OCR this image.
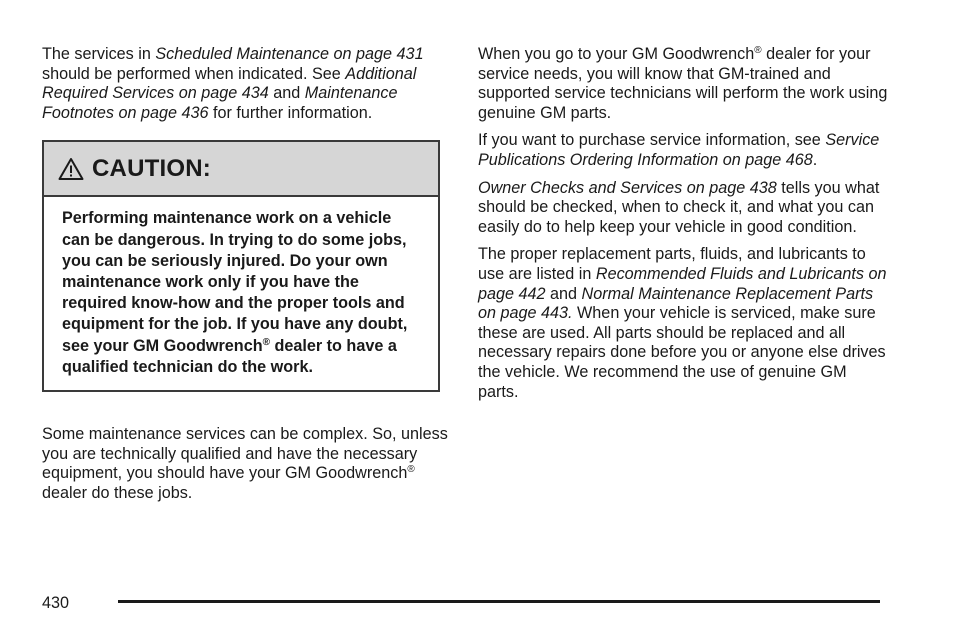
The services in Scheduled Maintenance on page 431 should be performed when indicated. See Additional Required Services on page 434 and Maintenance Footnotes on page 436 for further information.

CAUTION:
Performing maintenance work on a vehicle can be dangerous. In trying to do some jobs, you can be seriously injured. Do your own maintenance work only if you have the required know-how and the proper tools and equipment for the job. If you have any doubt, see your GM Goodwrench® dealer to have a qualified technician do the work.

Some maintenance services can be complex. So, unless you are technically qualified and have the necessary equipment, you should have your GM Goodwrench® dealer do these jobs.

When you go to your GM Goodwrench® dealer for your service needs, you will know that GM-trained and supported service technicians will perform the work using genuine GM parts.

If you want to purchase service information, see Service Publications Ordering Information on page 468.

Owner Checks and Services on page 438 tells you what should be checked, when to check it, and what you can easily do to help keep your vehicle in good condition.

The proper replacement parts, fluids, and lubricants to use are listed in Recommended Fluids and Lubricants on page 442 and Normal Maintenance Replacement Parts on page 443. When your vehicle is serviced, make sure these are used. All parts should be replaced and all necessary repairs done before you or anyone else drives the vehicle. We recommend the use of genuine GM parts.

430
